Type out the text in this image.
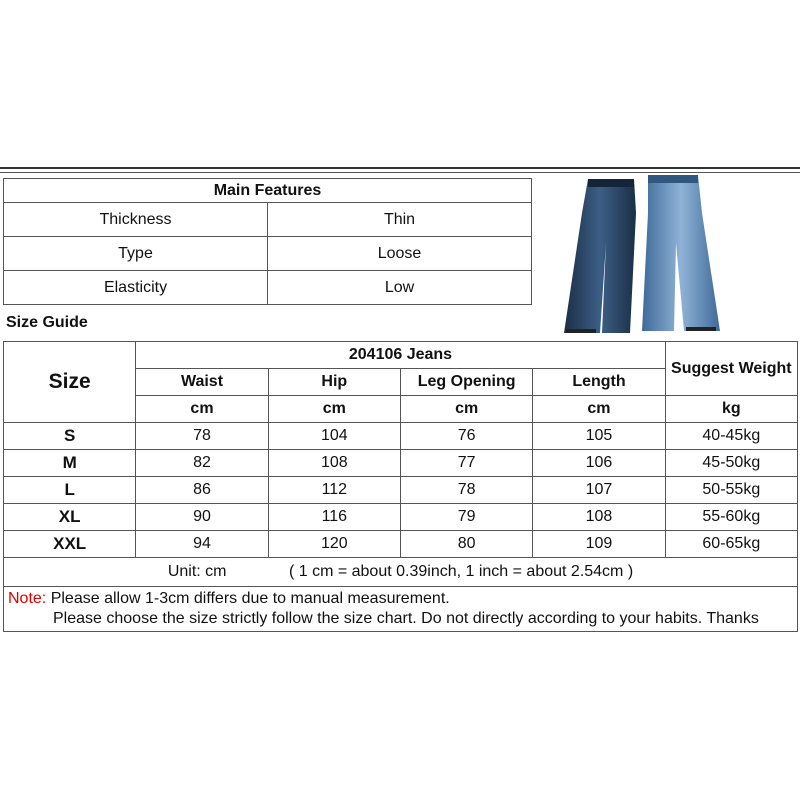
Main Features	
Thickness	Thin
Type	Loose
Elasticity	Low
Size Guide
Size	204106 Jeans				Suggest Weight
	Waist	Hip	Leg Opening	Length	
	cm	cm	cm	cm	kg
S	78	104	76	105	40-45kg
M	82	108	77	106	45-50kg
L	86	112	78	107	50-55kg
XL	90	116	79	108	55-60kg
XXL	94	120	80	109	60-65kg
Unit: cm ( 1 cm = about 0.39inch, 1 inch = about 2.54cm )					

Note: Please allow 1-3cm differs due to manual measurement.
Please choose the size strictly follow the size chart. Do not directly according to your habits. Thanks					
